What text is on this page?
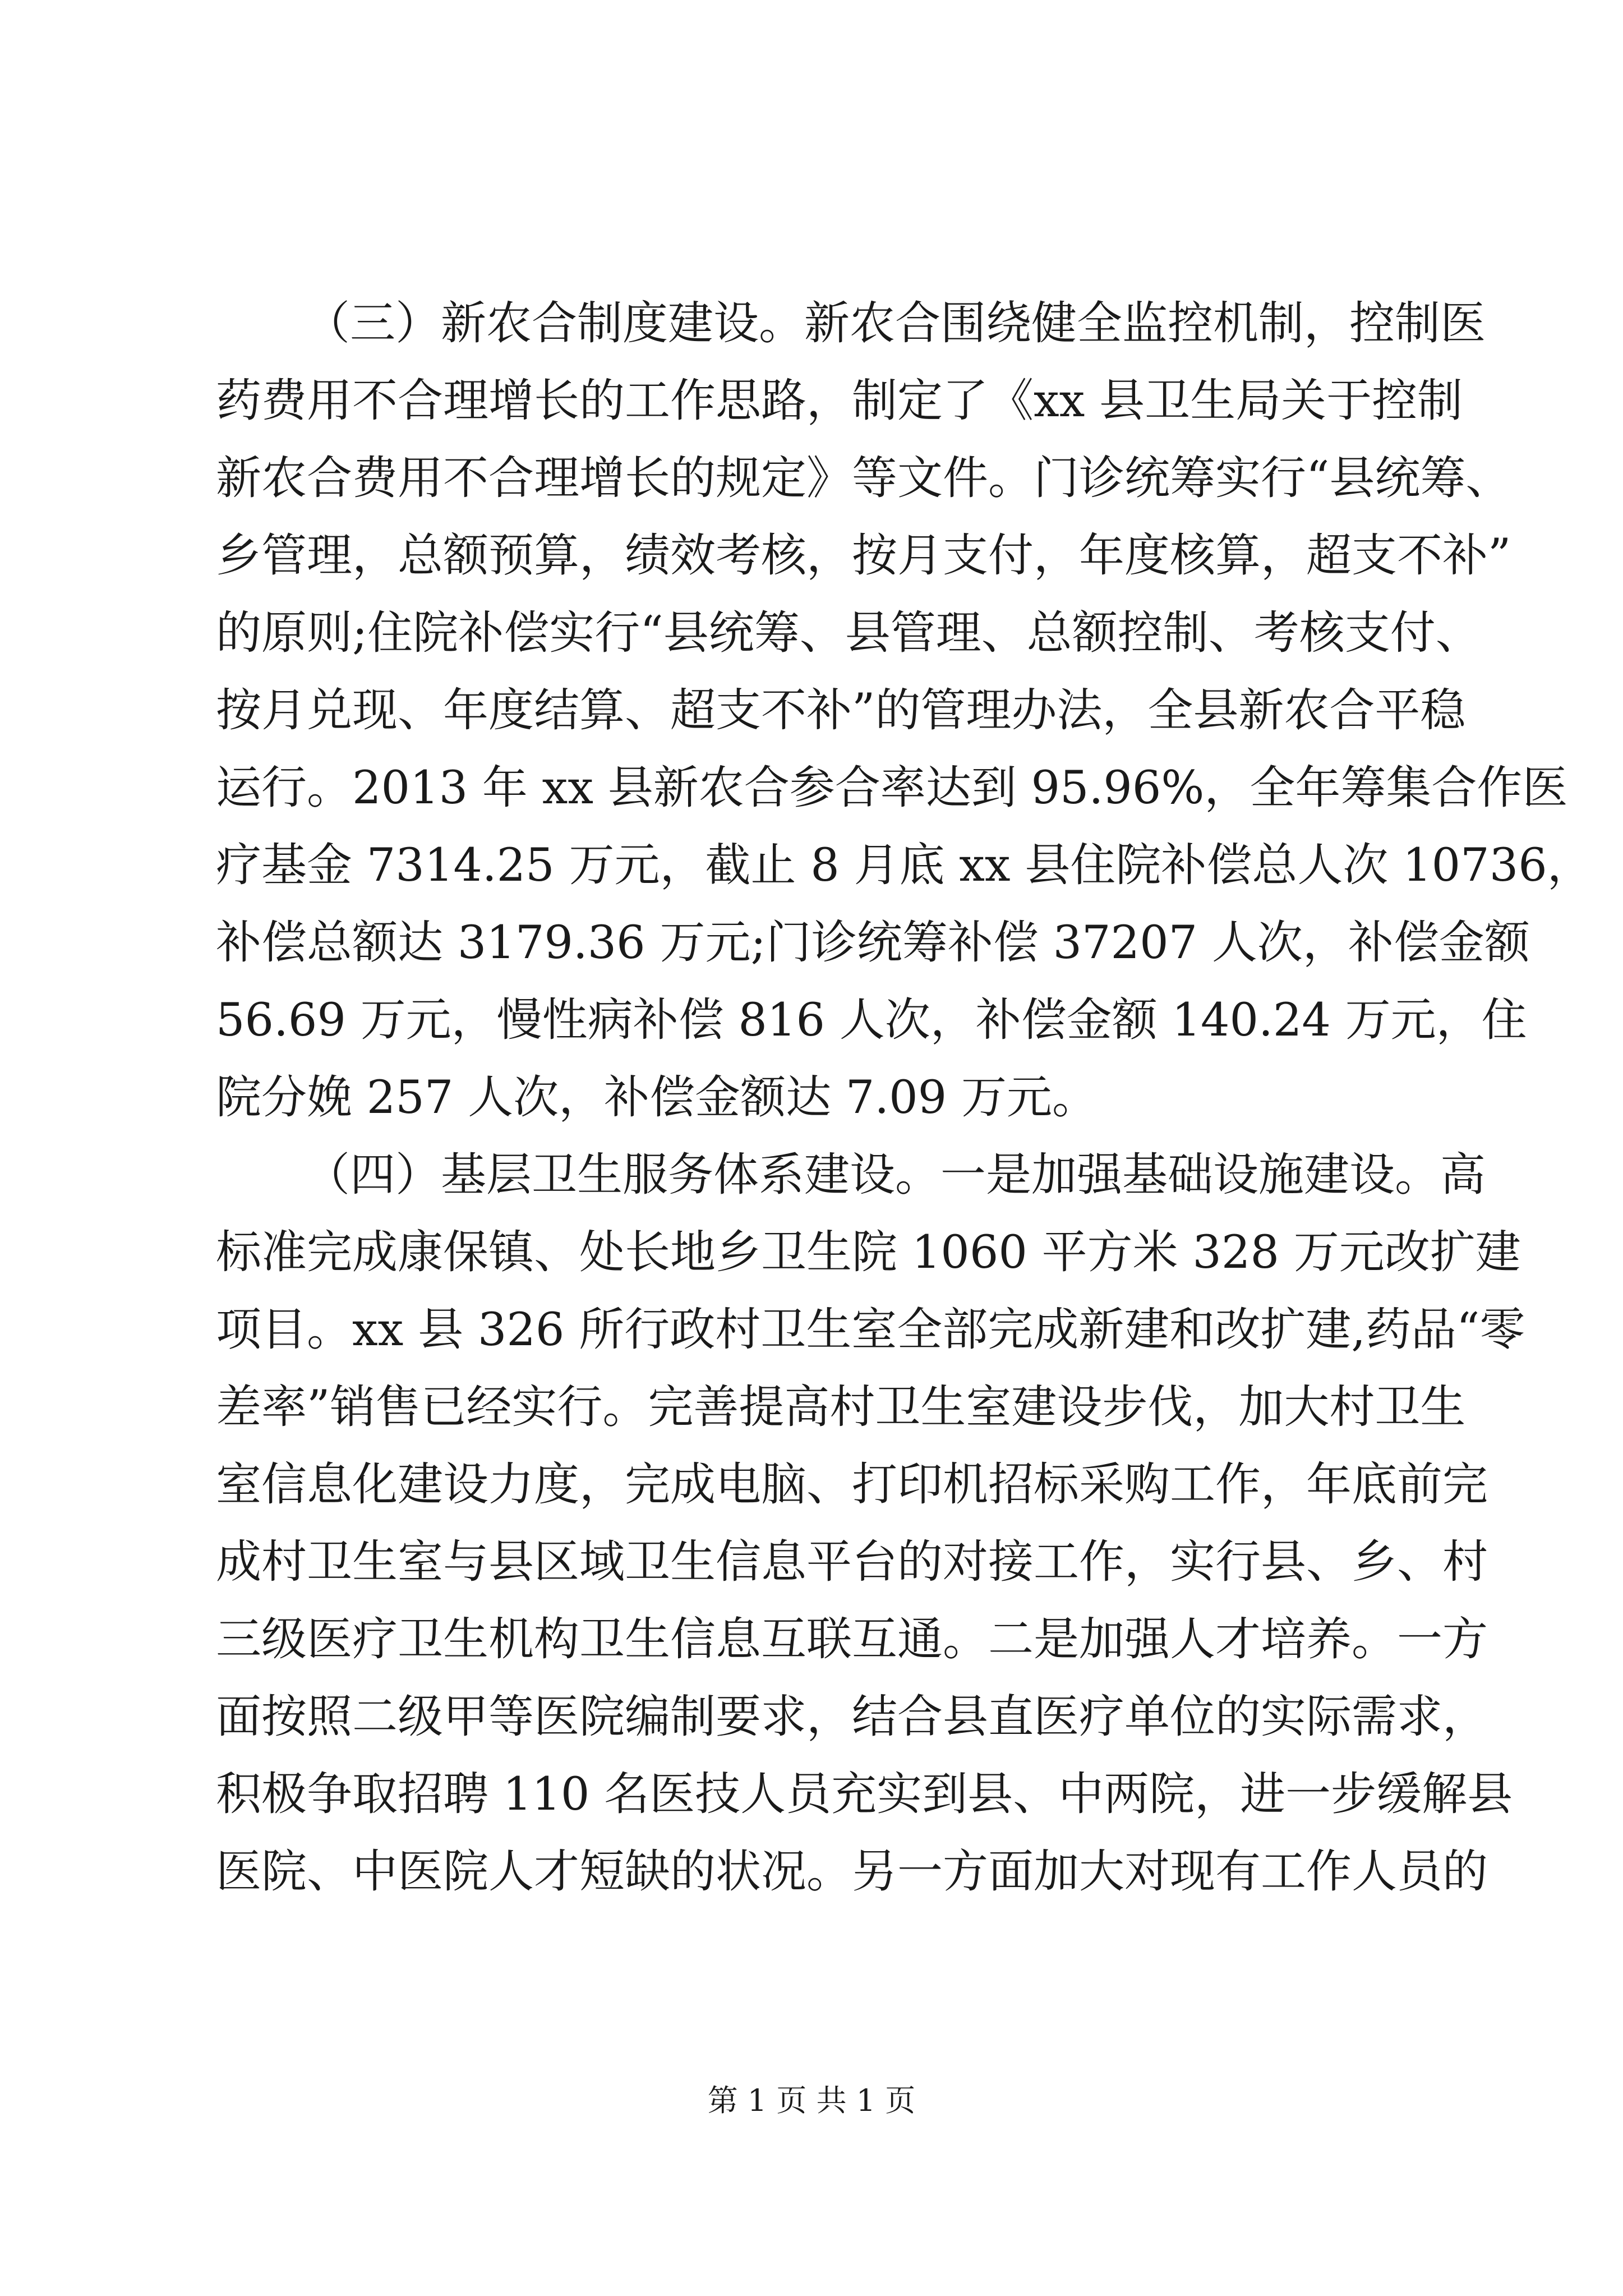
（三）新农合制度建设。新农合围绕健全监控机制，控制医
药费用不合理增长的工作思路，制定了《xx 县卫生局关于控制
新农合费用不合理增长的规定》等文件。门诊统筹实行“县统筹、
乡管理，总额预算，绩效考核，按月支付，年度核算，超支不补”
的原则;住院补偿实行“县统筹、县管理、总额控制、考核支付、
按月兑现、年度结算、超支不补”的管理办法，全县新农合平稳
运行。2013 年 xx 县新农合参合率达到 95.96%，全年筹集合作医
疗基金 7314.25 万元，截止 8 月底 xx 县住院补偿总人次 10736，
补偿总额达 3179.36 万元;门诊统筹补偿 37207 人次，补偿金额
56.69 万元，慢性病补偿 816 人次，补偿金额 140.24 万元，住
院分娩 257 人次，补偿金额达 7.09 万元。
（四）基层卫生服务体系建设。一是加强基础设施建设。高
标准完成康保镇、处长地乡卫生院 1060 平方米 328 万元改扩建
项目。xx 县 326 所行政村卫生室全部完成新建和改扩建,药品“零
差率”销售已经实行。完善提高村卫生室建设步伐，加大村卫生
室信息化建设力度，完成电脑、打印机招标采购工作，年底前完
成村卫生室与县区域卫生信息平台的对接工作，实行县、乡、村
三级医疗卫生机构卫生信息互联互通。二是加强人才培养。一方
面按照二级甲等医院编制要求，结合县直医疗单位的实际需求，
积极争取招聘 110 名医技人员充实到县、中两院，进一步缓解县
医院、中医院人才短缺的状况。另一方面加大对现有工作人员的
第 1 页 共 1 页
